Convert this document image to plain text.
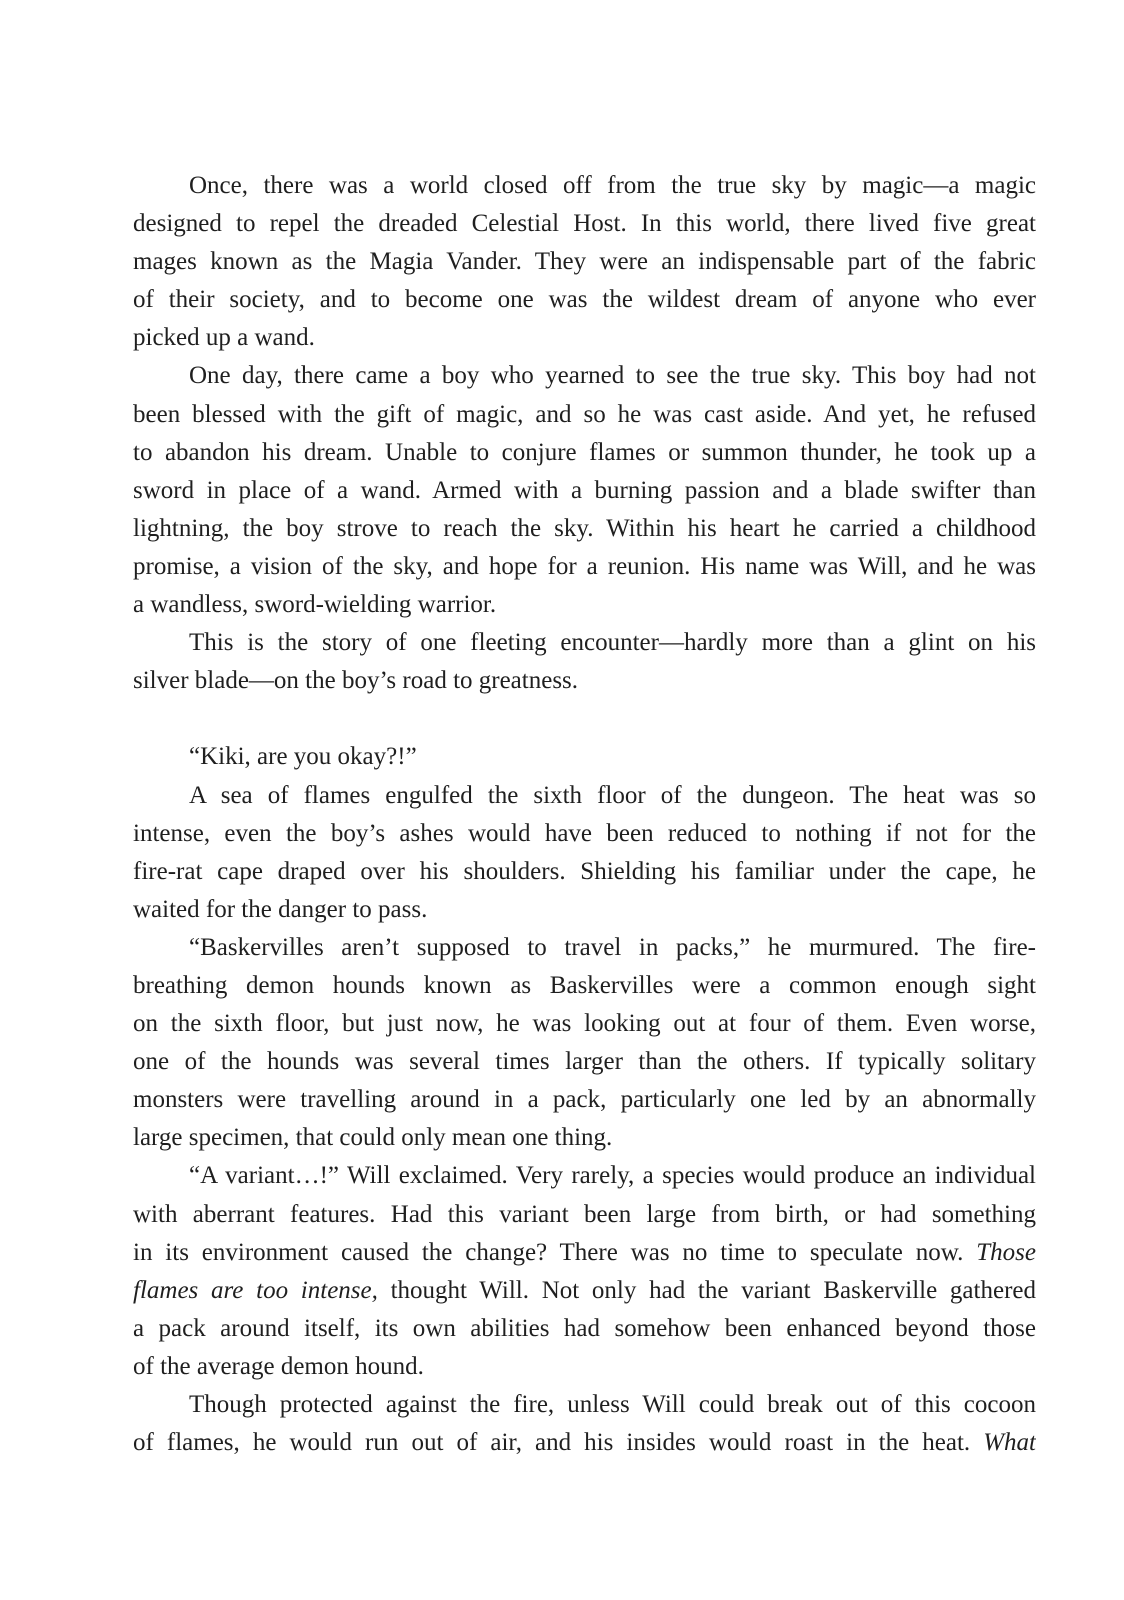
Once, there was a world closed off from the true sky by magic—a magic
designed to repel the dreaded Celestial Host. In this world, there lived five great
mages known as the Magia Vander. They were an indispensable part of the fabric
of their society, and to become one was the wildest dream of anyone who ever
picked up a wand.
One day, there came a boy who yearned to see the true sky. This boy had not
been blessed with the gift of magic, and so he was cast aside. And yet, he refused
to abandon his dream. Unable to conjure flames or summon thunder, he took up a
sword in place of a wand. Armed with a burning passion and a blade swifter than
lightning, the boy strove to reach the sky. Within his heart he carried a childhood
promise, a vision of the sky, and hope for a reunion. His name was Will, and he was
a wandless, sword-wielding warrior.
This is the story of one fleeting encounter—hardly more than a glint on his
silver blade—on the boy’s road to greatness.
“Kiki, are you okay?!”
A sea of flames engulfed the sixth floor of the dungeon. The heat was so
intense, even the boy’s ashes would have been reduced to nothing if not for the
fire-rat cape draped over his shoulders. Shielding his familiar under the cape, he
waited for the danger to pass.
“Baskervilles aren’t supposed to travel in packs,” he murmured. The fire-
breathing demon hounds known as Baskervilles were a common enough sight
on the sixth floor, but just now, he was looking out at four of them. Even worse,
one of the hounds was several times larger than the others. If typically solitary
monsters were travelling around in a pack, particularly one led by an abnormally
large specimen, that could only mean one thing.
“A variant…!” Will exclaimed. Very rarely, a species would produce an individual
with aberrant features. Had this variant been large from birth, or had something
in its environment caused the change? There was no time to speculate now. Those
flames are too intense, thought Will. Not only had the variant Baskerville gathered
a pack around itself, its own abilities had somehow been enhanced beyond those
of the average demon hound.
Though protected against the fire, unless Will could break out of this cocoon
of flames, he would run out of air, and his insides would roast in the heat. What
